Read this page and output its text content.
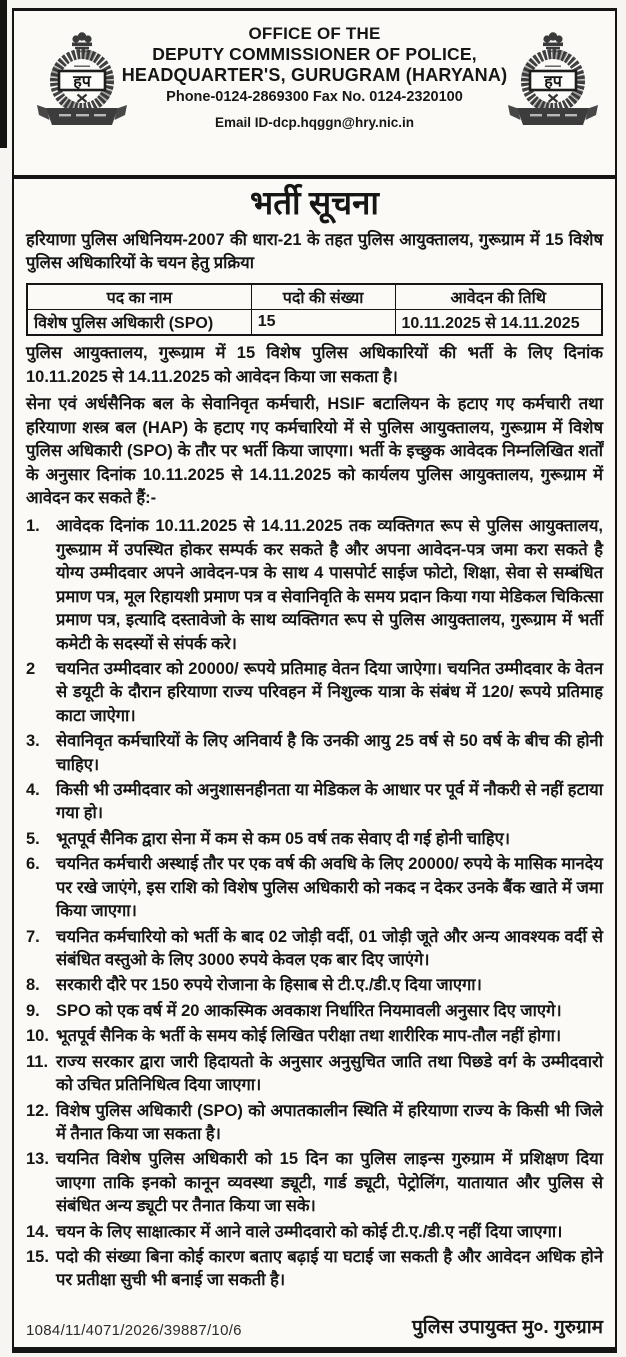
हप
OFFICE OF THE
DEPUTY COMMISSIONER OF POLICE,
HEADQUARTER'S, GURUGRAM (HARYANA)
Phone-0124-2869300 Fax No. 0124-2320100
Email ID-dcp.hqggn@hry.nic.in
हप
भर्ती सूचना

हरियाणा पुलिस अधिनियम-2007 की धारा-21 के तहत पुलिस आयुक्तालय, गुरूग्राम में 15 विशेष पुलिस अधिकारियों के चयन हेतु प्रक्रिया

पद का नाम	पदो की संख्या	आवेदन की तिथि
विशेष पुलिस अधिकारी (SPO)	15	10.11.2025 से 14.11.2025

पुलिस आयुक्तालय, गुरूग्राम में 15 विशेष पुलिस अधिकारियों की भर्ती के लिए दिनांक 10.11.2025 से 14.11.2025 को आवेदन किया जा सकता है।

सेना एवं अर्धसैनिक बल के सेवानिवृत कर्मचारी, HSIF बटालियन के हटाए गए कर्मचारी तथा हरियाणा शस्त्र बल (HAP) के हटाए गए कर्मचारियो में से पुलिस आयुक्तालय, गुरूग्राम में विशेष पुलिस अधिकारी (SPO) के तौर पर भर्ती किया जाएगा। भर्ती के इच्छुक आवेदक निम्नलिखित शर्तों के अनुसार दिनांक 10.11.2025 से 14.11.2025 को कार्यलय पुलिस आयुक्तालय, गुरूग्राम में आवेदन कर सकते हैं:-

1. आवेदक दिनांक 10.11.2025 से 14.11.2025 तक व्यक्तिगत रूप से पुलिस आयुक्तालय, गुरूग्राम में उपस्थित होकर सम्पर्क कर सकते है और अपना आवेदन-पत्र जमा करा सकते है योग्य उम्मीदवार अपने आवेदन-पत्र के साथ 4 पासपोर्ट साईज फोटो, शिक्षा, सेवा से सम्बंधित प्रमाण पत्र, मूल रिहायशी प्रमाण पत्र व सेवानिवृति के समय प्रदान किया गया मेडिकल चिकित्सा प्रमाण पत्र, इत्यादि दस्तावेजो के साथ व्यक्तिगत रूप से पुलिस आयुक्तालय, गुरूग्राम में भर्ती कमेटी के सदस्यों से संपर्क करे।
2	चयनित उम्मीदवार को 20000/ रूपये प्रतिमाह वेतन दिया जाऐगा। चयनित उम्मीदवार के वेतन से डयूटी के दौरान हरियाणा राज्य परिवहन में निशुल्क यात्रा के संबंध में 120/ रूपये प्रतिमाह काटा जाऐगा।
3. सेवानिवृत कर्मचारियों के लिए अनिवार्य है कि उनकी आयु 25 वर्ष से 50 वर्ष के बीच की होनी चाहिए।
4. किसी भी उम्मीदवार को अनुशासनहीनता या मेडिकल के आधार पर पूर्व में नौकरी से नहीं हटाया गया हो।
5. भूतपूर्व सैनिक द्वारा सेना में कम से कम 05 वर्ष तक सेवाए दी गई होनी चाहिए।
6. चयनित कर्मचारी अस्थाई तौर पर एक वर्ष की अवधि के लिए 20000/ रुपये के मासिक मानदेय पर रखे जाएंगे, इस राशि को विशेष पुलिस अधिकारी को नकद न देकर उनके बैंक खाते में जमा किया जाएगा।
7. चयनित कर्मचारियो को भर्ती के बाद 02 जोड़ी वर्दी, 01 जोड़ी जूते और अन्य आवश्यक वर्दी से संबंधित वस्तुओ के लिए 3000 रुपये केवल एक बार दिए जाएंगे।
8. सरकारी दौरे पर 150 रुपये रोजाना के हिसाब से टी.ए./डी.ए दिया जाएगा।
9. SPO को एक वर्ष में 20 आकस्मिक अवकाश निर्धारित नियमावली अनुसार दिए जाएगे।
10. भूतपूर्व सैनिक के भर्ती के समय कोई लिखित परीक्षा तथा शारीरिक माप-तौल नहीं होगा।
11. राज्य सरकार द्वारा जारी हिदायतो के अनुसार अनुसुचित जाति तथा पिछडे वर्ग के उम्मीदवारो को उचित प्रतिनिधित्व दिया जाएगा।
12. विशेष पुलिस अधिकारी (SPO) को अपातकालीन स्थिति में हरियाणा राज्य के किसी भी जिले में तैनात किया जा सकता है।
13. चयनित विशेष पुलिस अधिकारी को 15 दिन का पुलिस लाइन्स गुरुग्राम में प्रशिक्षण दिया जाएगा ताकि इनको कानून व्यवस्था ड्यूटी, गार्ड ड्यूटी, पेट्रोलिंग, यातायात और पुलिस से संबंधित अन्य ड्यूटी पर तैनात किया जा सके।
14. चयन के लिए साक्षात्कार में आने वाले उम्मीदवारो को कोई टी.ए./डी.ए नहीं दिया जाएगा।
15. पदो की संख्या बिना कोई कारण बताए बढ़ाई या घटाई जा सकती है और आवेदन अधिक होने पर प्रतीक्षा सुची भी बनाई जा सकती है।
1084/11/4071/2026/39887/10/6	पुलिस उपायुक्त मु०. गुरुग्राम
